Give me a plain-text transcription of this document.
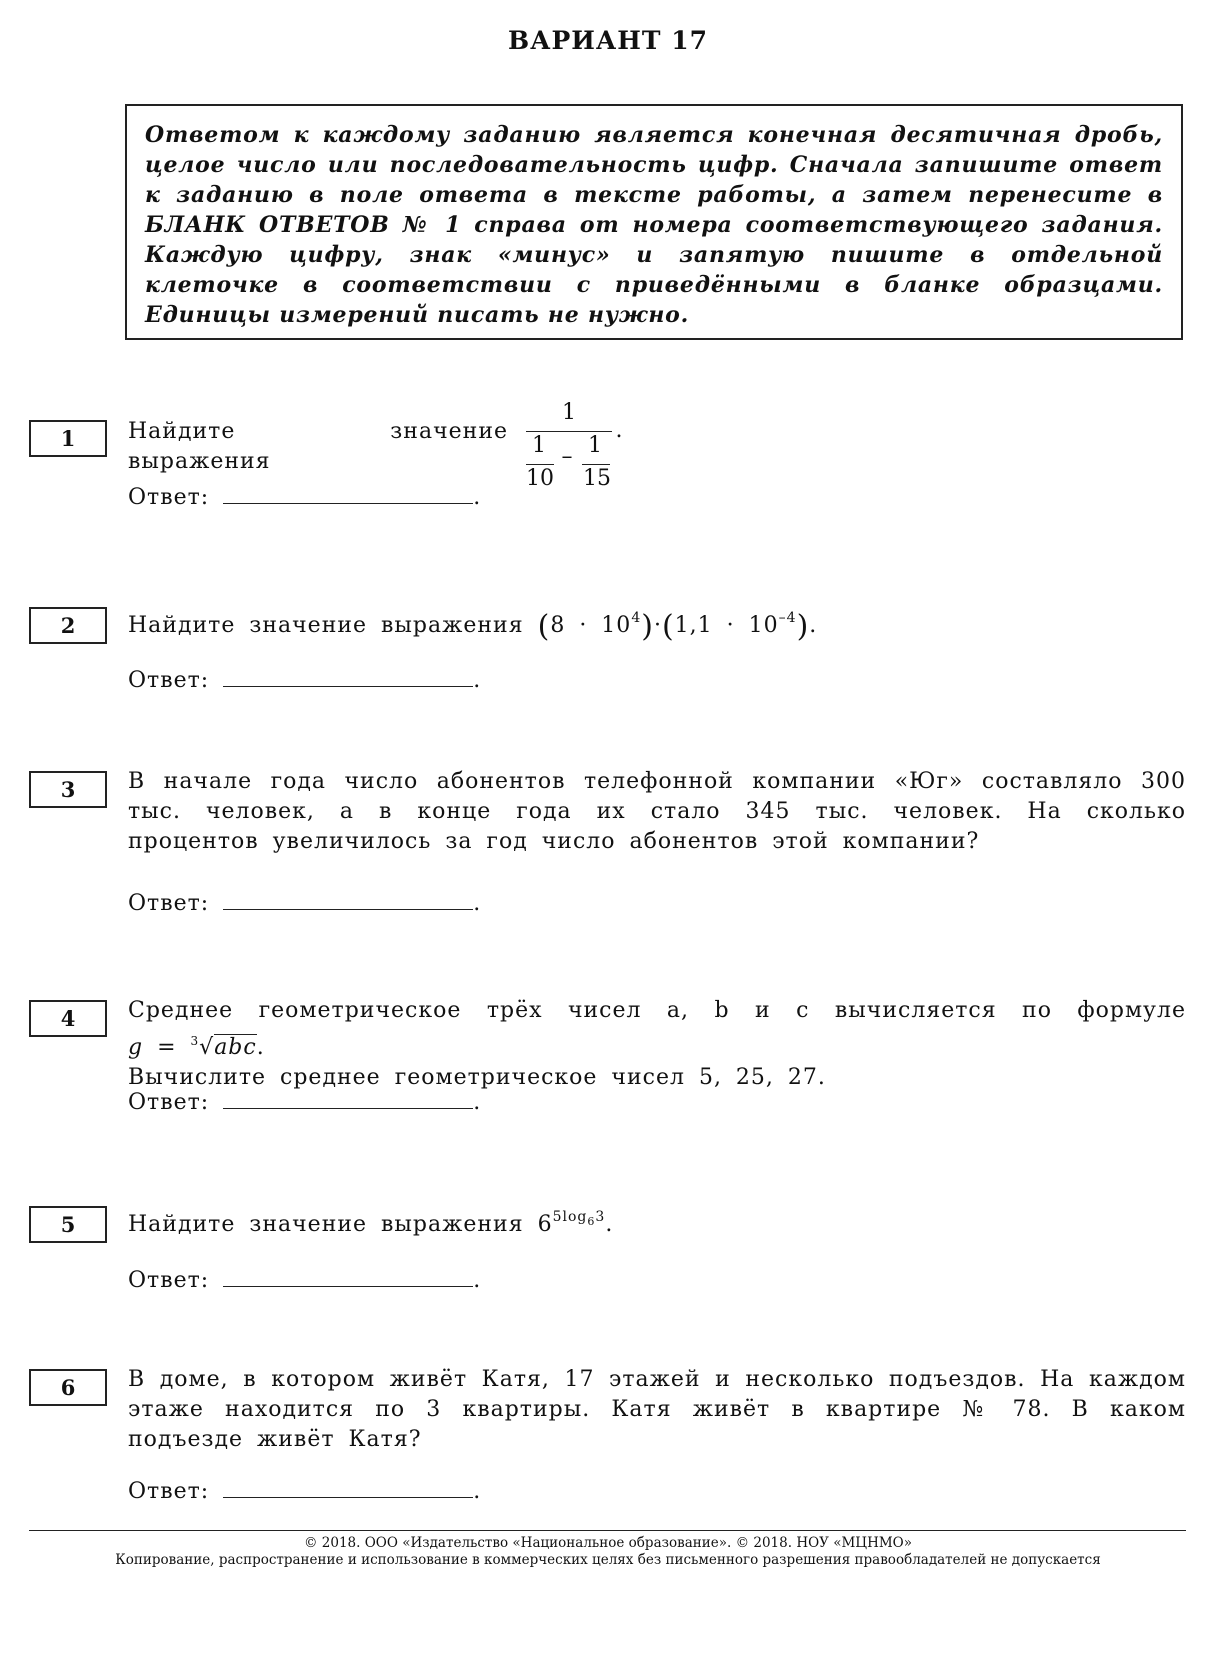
ВАРИАНТ 17
Ответом к каждому заданию является конечная десятичная дробь, целое число или последовательность цифр. Сначала запишите ответ к заданию в поле ответа в тексте работы, а затем перенесите в БЛАНК ОТВЕТОВ № 1 справа от номера соответствующего задания. Каждую цифру, знак «минус» и запятую пишите в отдельной клеточке в соответствии с приведёнными в бланке образцами. Единицы измерений писать не нужно.
1	Найдите значение выражения
1
1
10
– 1
15
.
Ответ:	.
2	Найдите значение выражения $(8 \cdot 10^4)\cdot(1,1 \cdot 10^{-4})$.
Ответ:	.
3	В начале года число абонентов телефонной компании «Юг» составляло 300 тыс. человек, а в конце года их стало 345 тыс. человек. На сколько процентов увеличилось за год число абонентов этой компании?
Ответ:	.
4	Среднее геометрическое трёх чисел a, b и c вычисляется по формуле g = $^3$√abc.
Вычислите среднее геометрическое чисел 5, 25, 27.
Ответ:	.
5	Найдите значение выражения $6^{5log_63}$.
Ответ:	.
6	В доме, в котором живёт Катя, 17 этажей и несколько подъездов. На каждом этаже находится по 3 квартиры. Катя живёт в квартире № 78. В каком подъезде живёт Катя?
Ответ:	.
© 2018. ООО «Издательство «Национальное образование». © 2018. НОУ «МЦНМО»
Копирование, распространение и использование в коммерческих целях без письменного разрешения правообладателей не допускается
